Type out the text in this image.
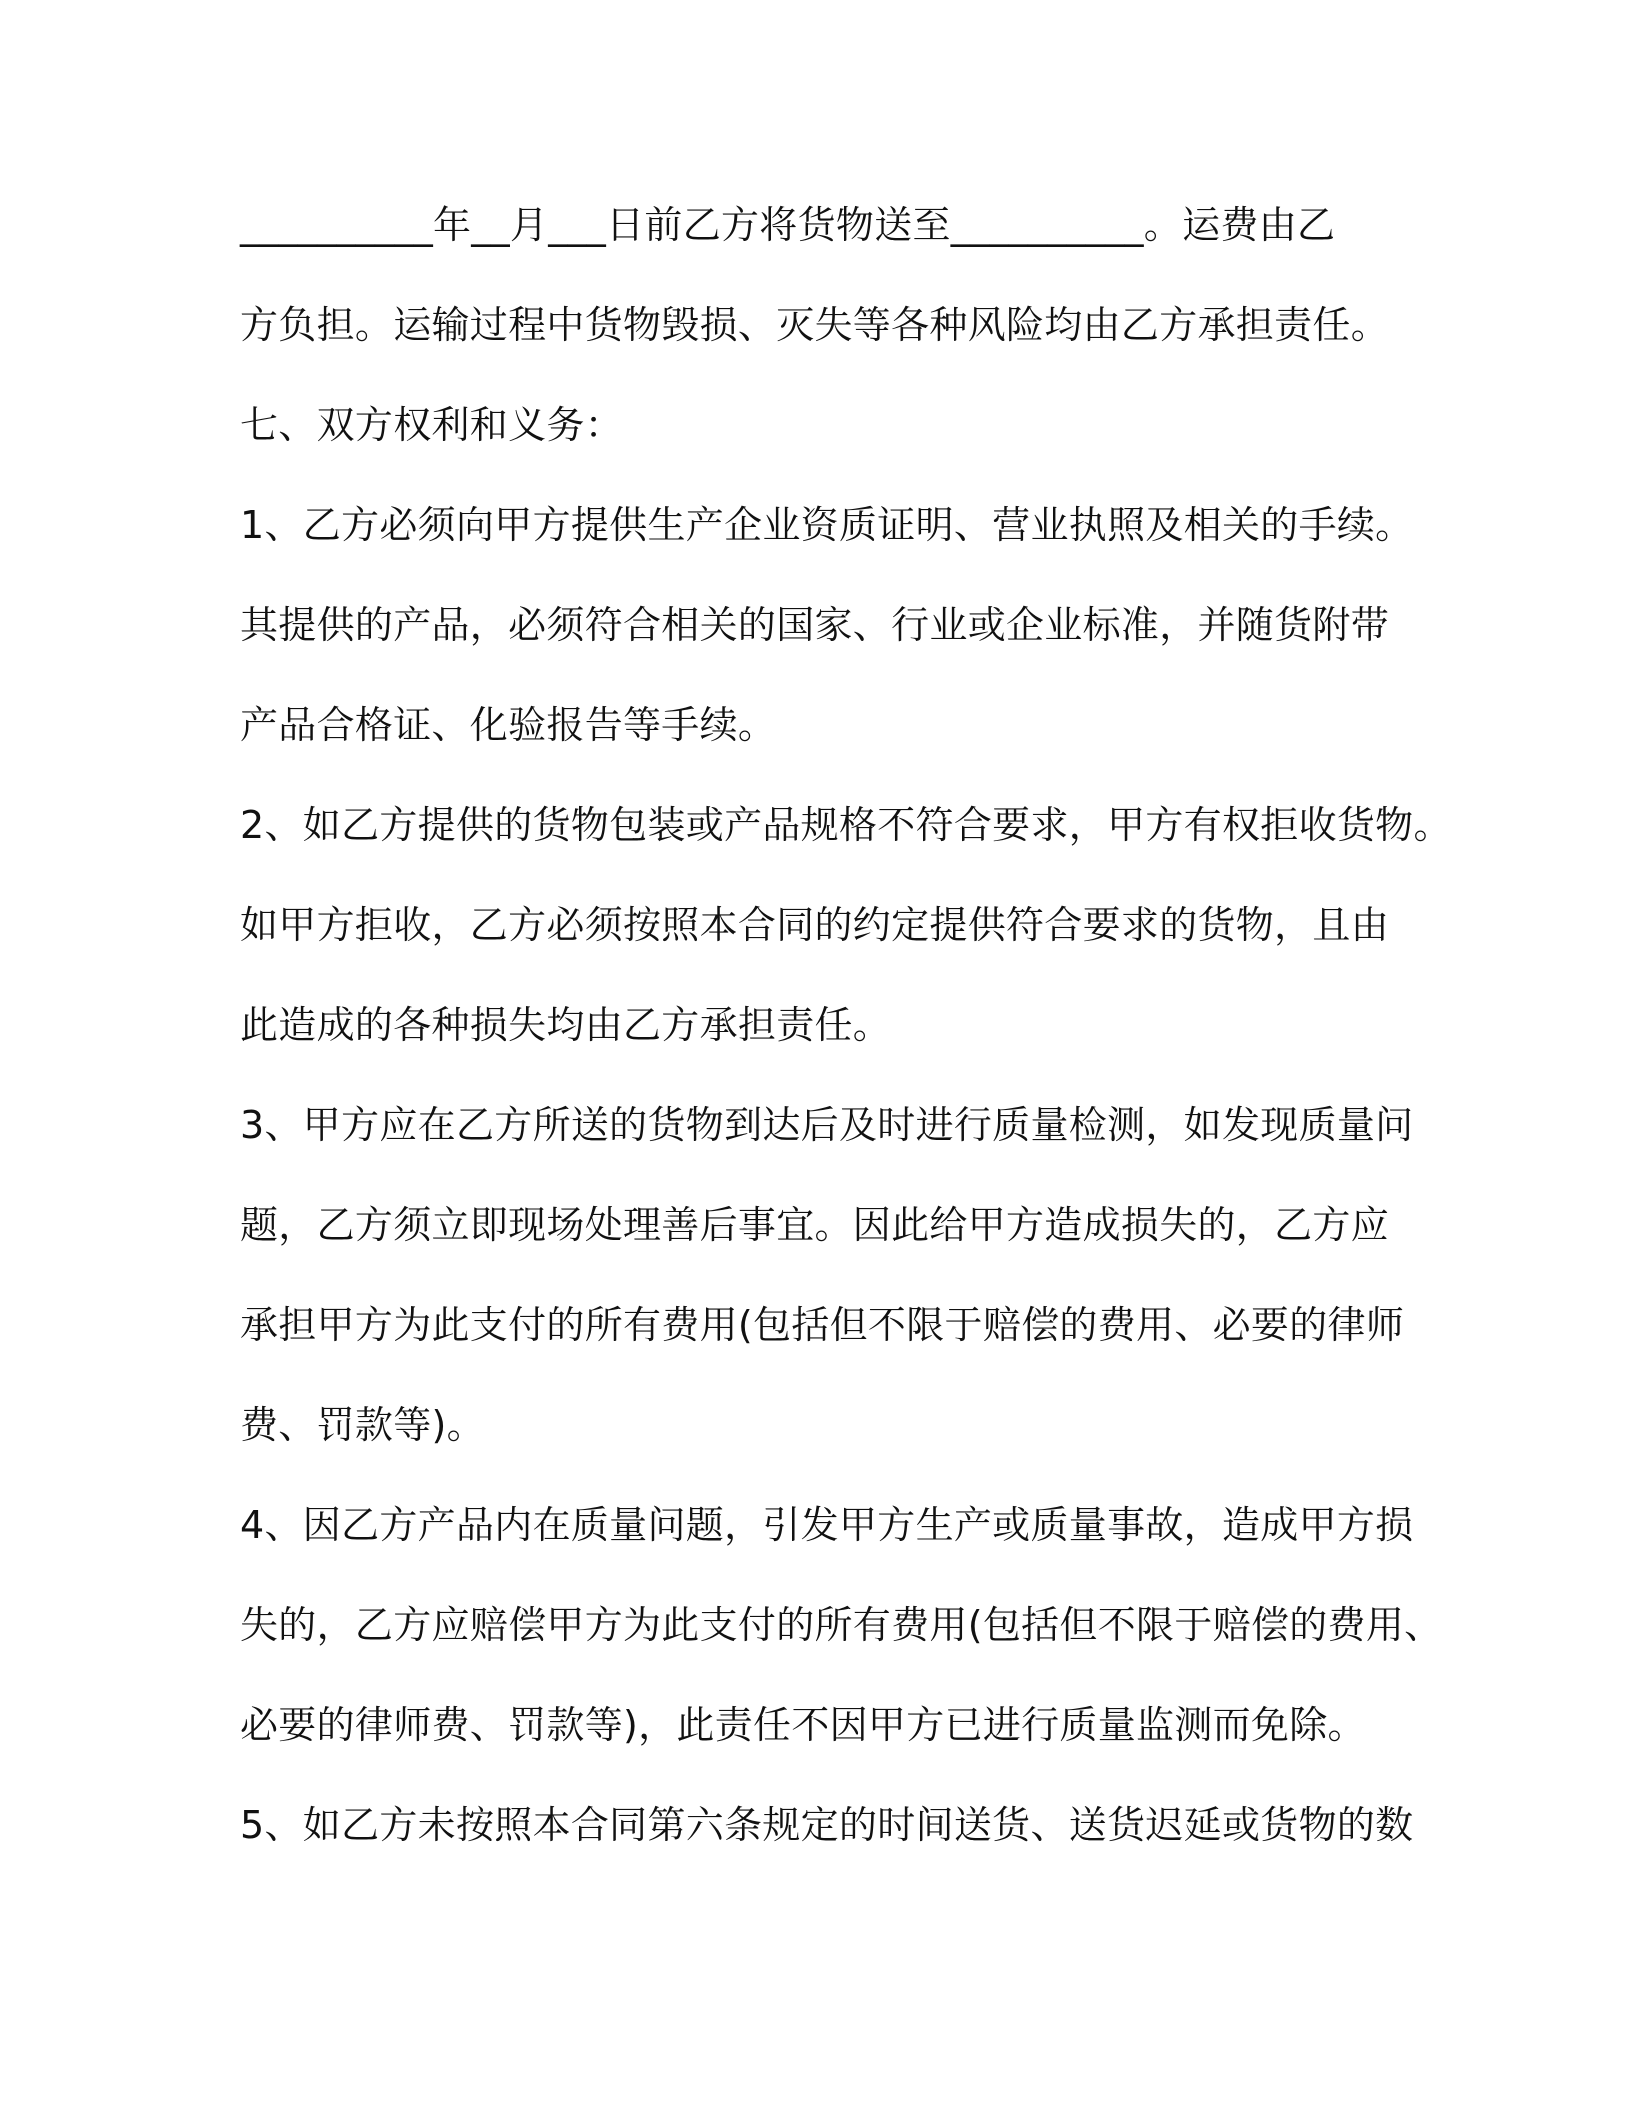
__________年__月___日前乙方将货物送至__________。运费由乙
方负担。运输过程中货物毁损、灭失等各种风险均由乙方承担责任。
七、双方权利和义务：
1、乙方必须向甲方提供生产企业资质证明、营业执照及相关的手续。
其提供的产品，必须符合相关的国家、行业或企业标准，并随货附带
产品合格证、化验报告等手续。
2、如乙方提供的货物包装或产品规格不符合要求，甲方有权拒收货物。
如甲方拒收，乙方必须按照本合同的约定提供符合要求的货物，且由
此造成的各种损失均由乙方承担责任。
3、甲方应在乙方所送的货物到达后及时进行质量检测，如发现质量问
题，乙方须立即现场处理善后事宜。因此给甲方造成损失的，乙方应
承担甲方为此支付的所有费用(包括但不限于赔偿的费用、必要的律师
费、罚款等)。
4、因乙方产品内在质量问题，引发甲方生产或质量事故，造成甲方损
失的，乙方应赔偿甲方为此支付的所有费用(包括但不限于赔偿的费用、
必要的律师费、罚款等)，此责任不因甲方已进行质量监测而免除。
5、如乙方未按照本合同第六条规定的时间送货、送货迟延或货物的数
